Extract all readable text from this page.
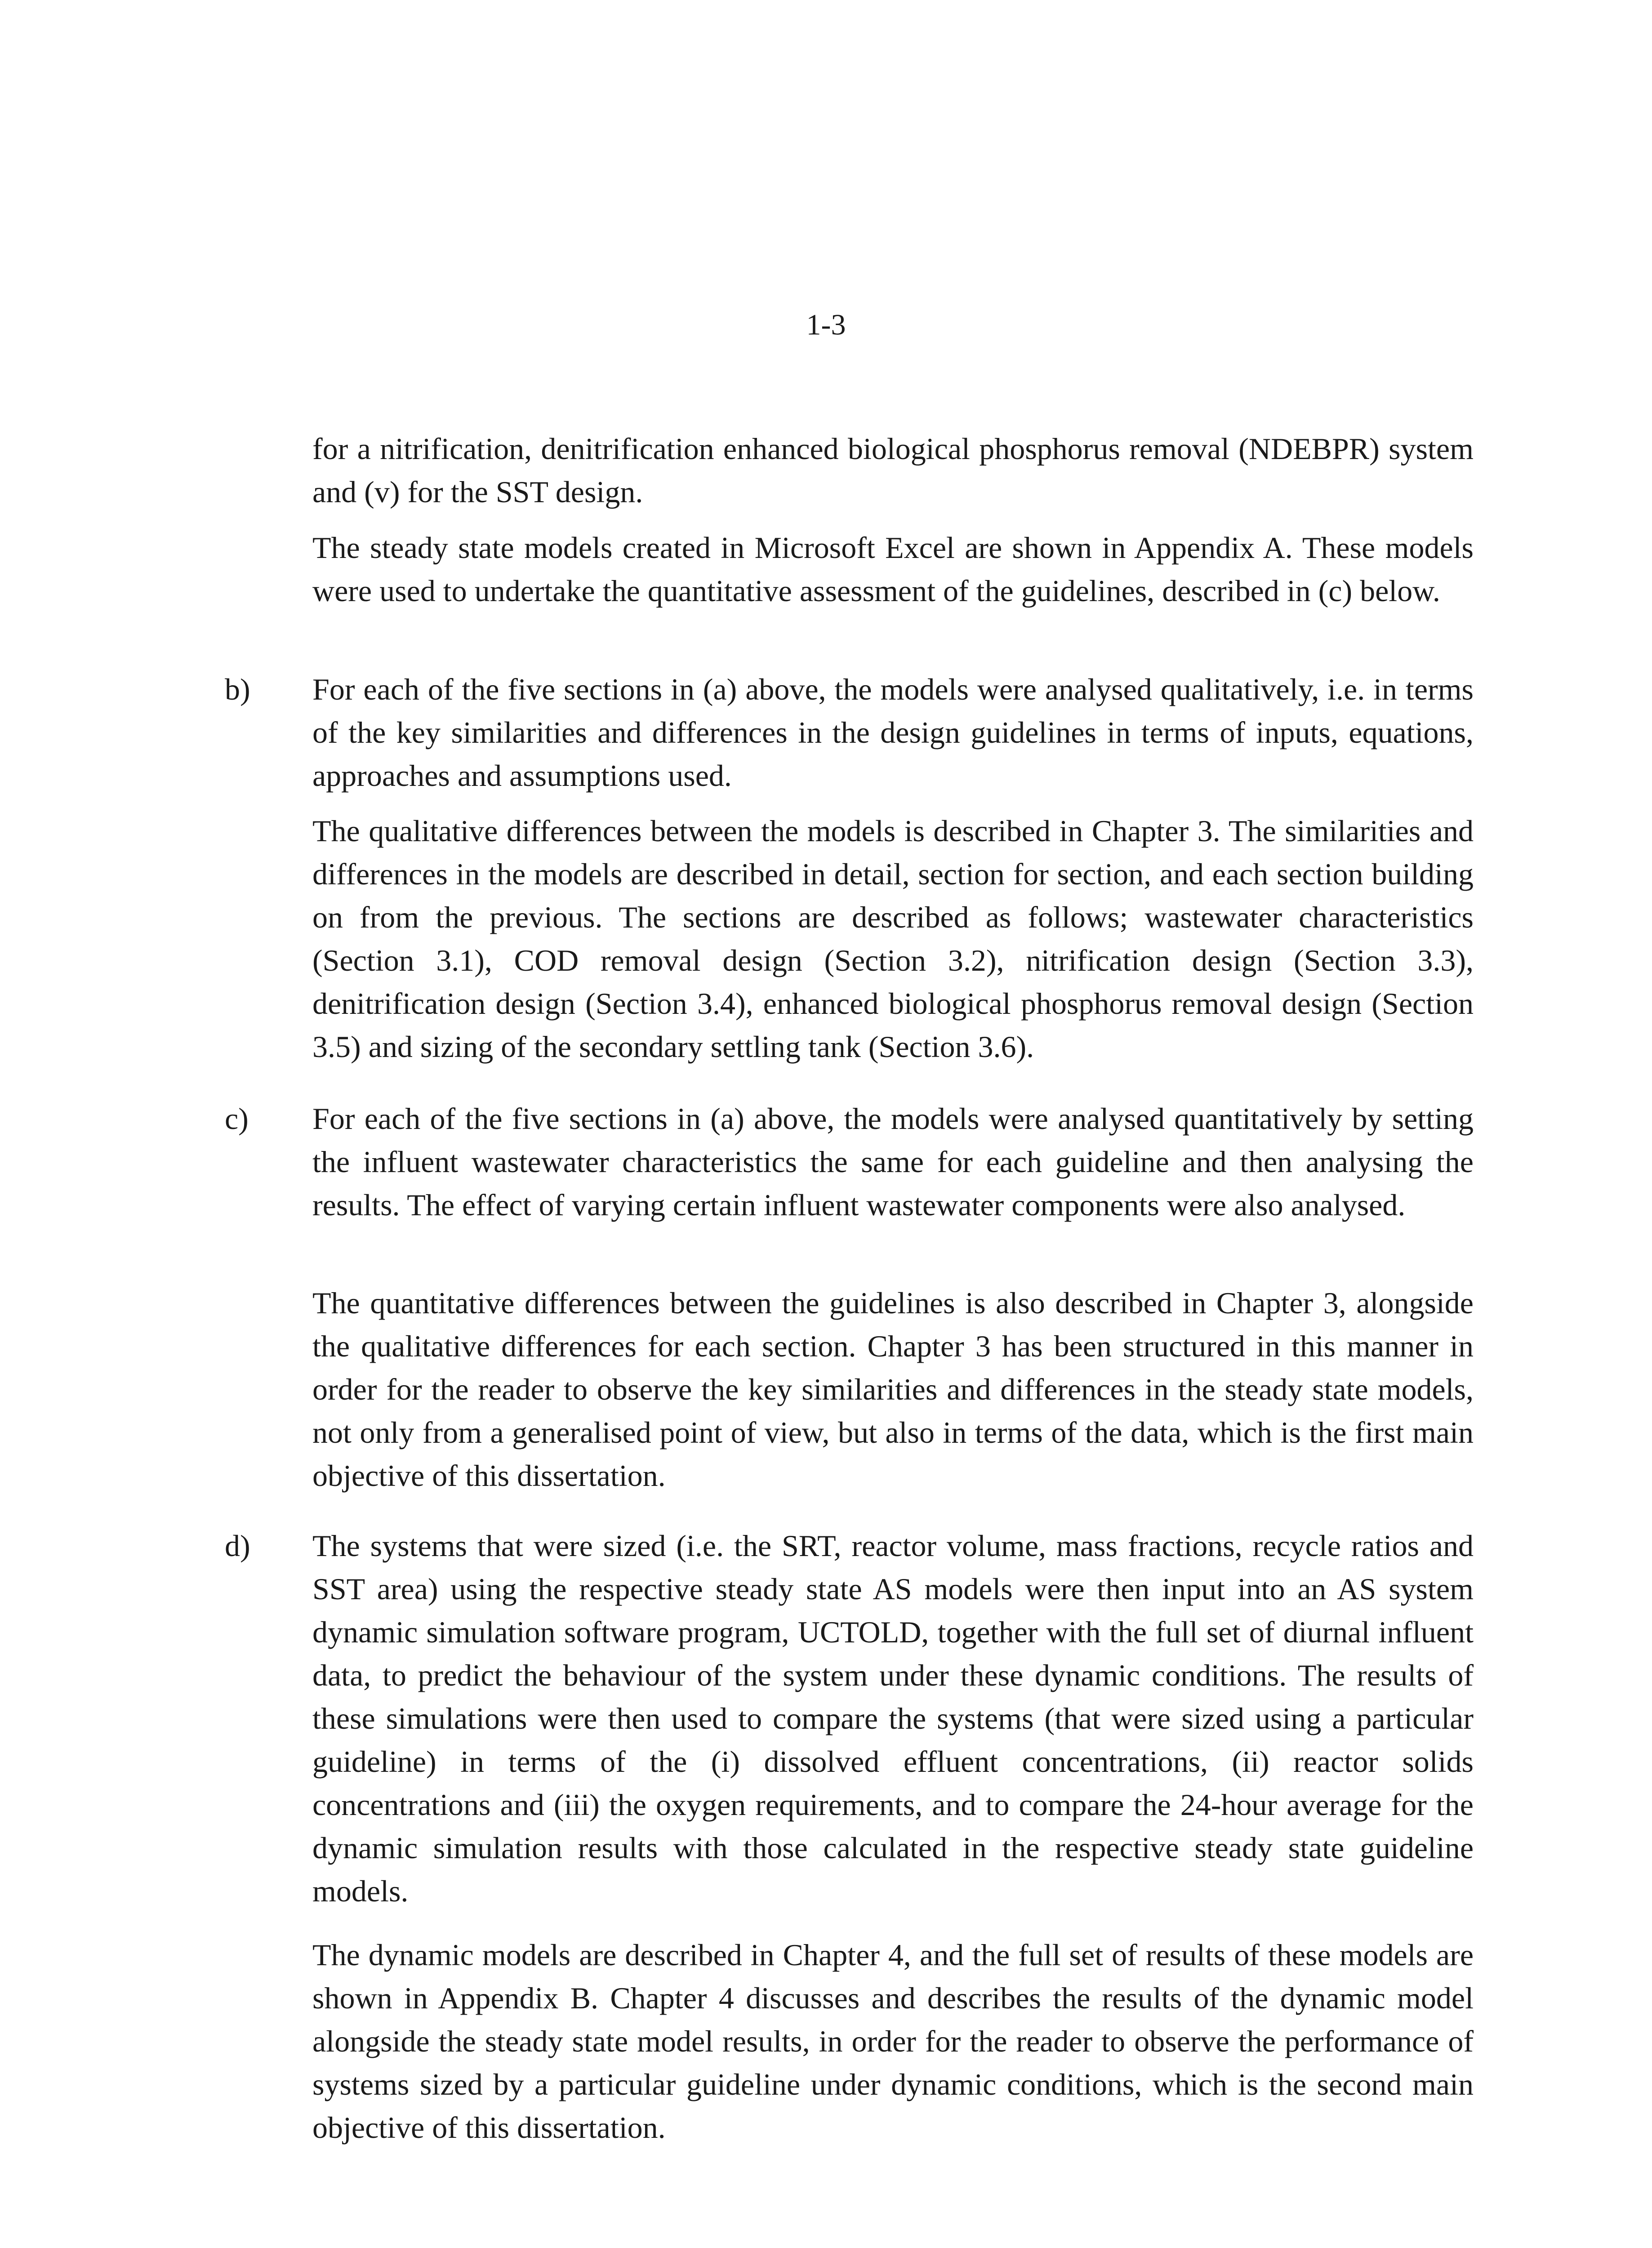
1-3

for a nitrification, denitrification enhanced biological phosphorus removal (NDEBPR) system and (v) for the SST design.

The steady state models created in Microsoft Excel are shown in Appendix A. These models were used to undertake the quantitative assessment of the guidelines, described in (c) below.

b) For each of the five sections in (a) above, the models were analysed qualitatively, i.e. in terms of the key similarities and differences in the design guidelines in terms of inputs, equations, approaches and assumptions used.

The qualitative differences between the models is described in Chapter 3. The similarities and differences in the models are described in detail, section for section, and each section building on from the previous. The sections are described as follows; wastewater characteristics (Section 3.1), COD removal design (Section 3.2), nitrification design (Section 3.3), denitrification design (Section 3.4), enhanced biological phosphorus removal design (Section 3.5) and sizing of the secondary settling tank (Section 3.6).

c) For each of the five sections in (a) above, the models were analysed quantitatively by setting the influent wastewater characteristics the same for each guideline and then analysing the results. The effect of varying certain influent wastewater components were also analysed.

The quantitative differences between the guidelines is also described in Chapter 3, alongside the qualitative differences for each section. Chapter 3 has been structured in this manner in order for the reader to observe the key similarities and differences in the steady state models, not only from a generalised point of view, but also in terms of the data, which is the first main objective of this dissertation.

d) The systems that were sized (i.e. the SRT, reactor volume, mass fractions, recycle ratios and SST area) using the respective steady state AS models were then input into an AS system dynamic simulation software program, UCTOLD, together with the full set of diurnal influent data, to predict the behaviour of the system under these dynamic conditions. The results of these simulations were then used to compare the systems (that were sized using a particular guideline) in terms of the (i) dissolved effluent concentrations, (ii) reactor solids concentrations and (iii) the oxygen requirements, and to compare the 24-hour average for the dynamic simulation results with those calculated in the respective steady state guideline models.

The dynamic models are described in Chapter 4, and the full set of results of these models are shown in Appendix B. Chapter 4 discusses and describes the results of the dynamic model alongside the steady state model results, in order for the reader to observe the performance of systems sized by a particular guideline under dynamic conditions, which is the second main objective of this dissertation.
